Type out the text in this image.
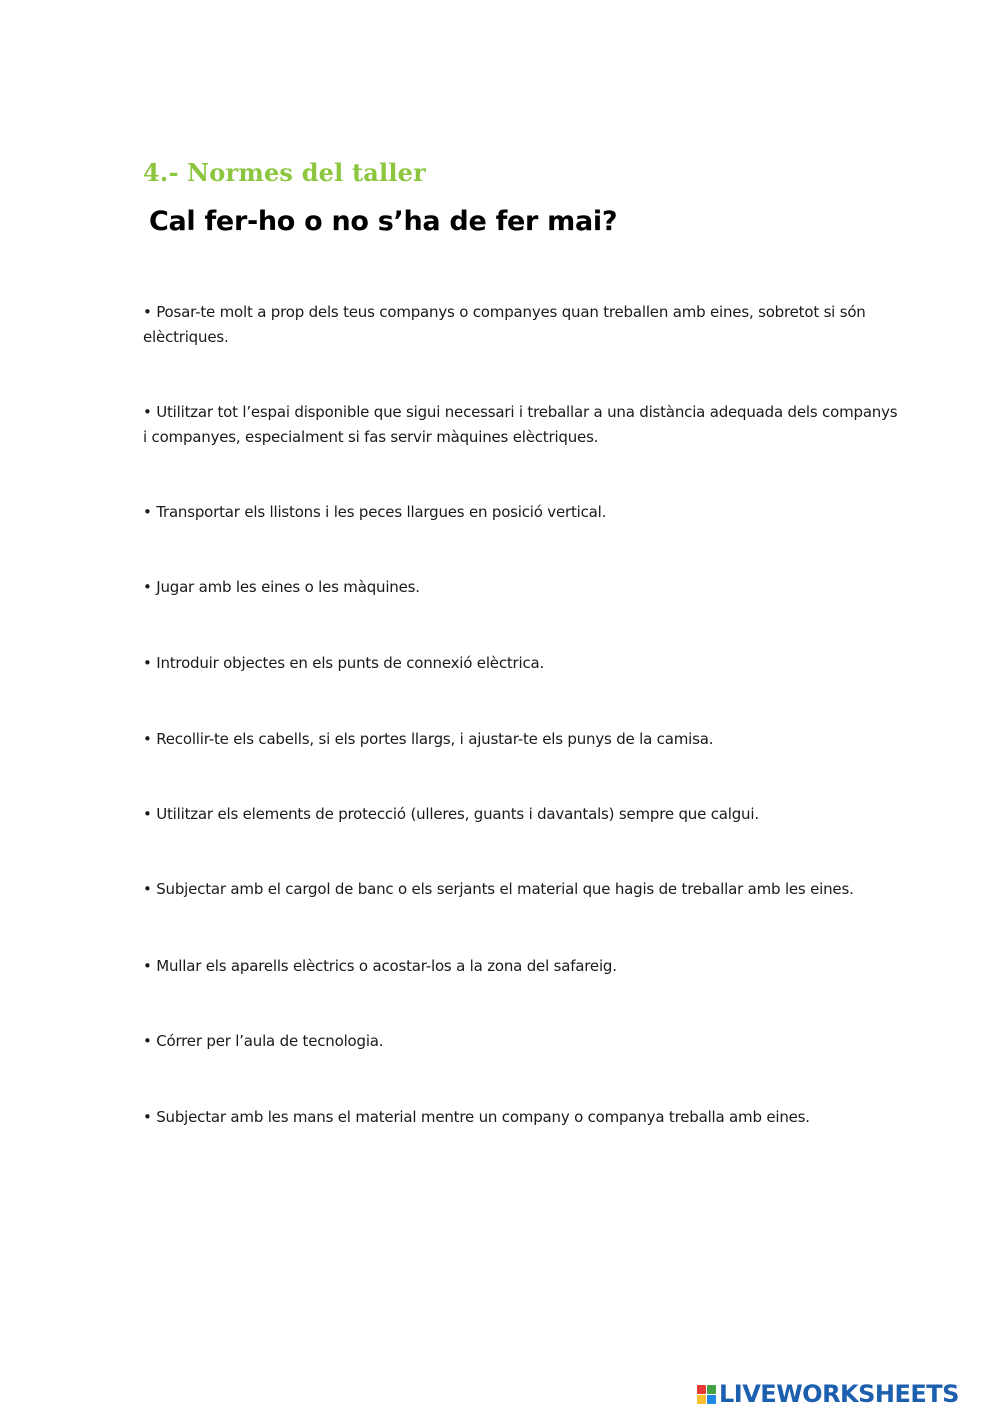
4.- Normes del taller
Cal fer-ho o no s’ha de fer mai?

• Posar-te molt a prop dels teus companys o companyes quan treballen amb eines, sobretot si són elèctriques.

• Utilitzar tot l’espai disponible que sigui necessari i treballar a una distància adequada dels companys i companyes, especialment si fas servir màquines elèctriques.

• Transportar els llistons i les peces llargues en posició vertical.

• Jugar amb les eines o les màquines.

• Introduir objectes en els punts de connexió elèctrica.

• Recollir-te els cabells, si els portes llargs, i ajustar-te els punys de la camisa.

• Utilitzar els elements de protecció (ulleres, guants i davantals) sempre que calgui.

• Subjectar amb el cargol de banc o els serjants el material que hagis de treballar amb les eines.

• Mullar els aparells elèctrics o acostar-los a la zona del safareig.

• Córrer per l’aula de tecnologia.

• Subjectar amb les mans el material mentre un company o companya treballa amb eines.

LIVEWORKSHEETS
